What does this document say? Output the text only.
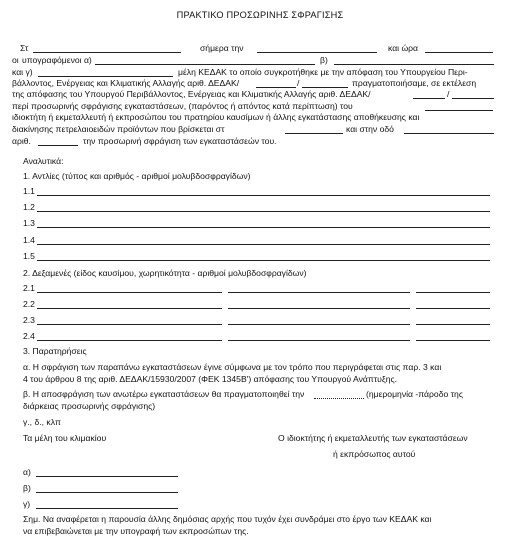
ΠΡΑΚΤΙΚΟ ΠΡΟΣΩΡΙΝΗΣ ΣΦΡΑΓΙΣΗΣ
Στ	σήμερα την	και ώρα
οι υπογραφόμενοι α)	β)
και γ)	μέλη ΚΕΔΑΚ το οποίο συγκροτήθηκε με την απόφαση του Υπουργείου Περι-
βάλλοντος, Ενέργειας και Κλιματικής Αλλαγής αριθ. ΔΕΔΑΚ/	/	πραγματοποιήσαμε, σε εκτέλεση
της απόφασης του Υπουργού Περιβάλλοντος, Ενέργειας και Κλιματικής Αλλαγής αριθ. ΔΕΔΑΚ/	/
περί προσωρινής σφράγισης εγκαταστάσεων, (παρόντος ή απόντος κατά περίπτωση) του
ιδιοκτήτη ή εκμεταλλευτή ή εκπροσώπου του πρατηρίου καυσίμων ή άλλης εγκατάστασης αποθήκευσης και
διακίνησης πετρελαιοειδών προϊόντων που βρίσκεται στ	και στην οδό
αριθ.	την προσωρινή σφράγιση των εγκαταστάσεών του.
Αναλυτικά:
1. Αντλίες (τύπος και αριθμός - αριθμοί μολυβδοσφραγίδων)
1.1
1.2
1.3
1.4
1.5
2. Δεξαμενές (είδος καυσίμου, χωρητικότητα - αριθμοί μολυβδοσφραγίδων)
2.1
2.2
2.3
2.4
3. Παρατηρήσεις
α. Η σφράγιση των παραπάνω εγκαταστάσεων έγινε σύμφωνα με τον τρόπο που περιγράφεται στις παρ. 3 και
4 του άρθρου 8 της αριθ. ΔΕΔΑΚ/15930/2007 (ΦΕΚ 1345Β') απόφασης του Υπουργού Ανάπτυξης.
β. Η αποσφράγιση των ανωτέρω εγκαταστάσεων θα πραγματοποιηθεί την	(ημερομηνία -πάροδο της
διάρκειας προσωρινής σφράγισης)
γ., δ., κλπ
Τα μέλη του κλιμακίου	Ο ιδιοκτήτης ή εκμεταλλευτής των εγκαταστάσεων
ή εκπρόσωπος αυτού
α)
β)
γ)
Σημ. Να αναφέρεται η παρουσία άλλης δημόσιας αρχής που τυχόν έχει συνδράμει στο έργο των ΚΕΔΑΚ και
να επιβεβαιώνεται με την υπογραφή των εκπροσώπων της.
